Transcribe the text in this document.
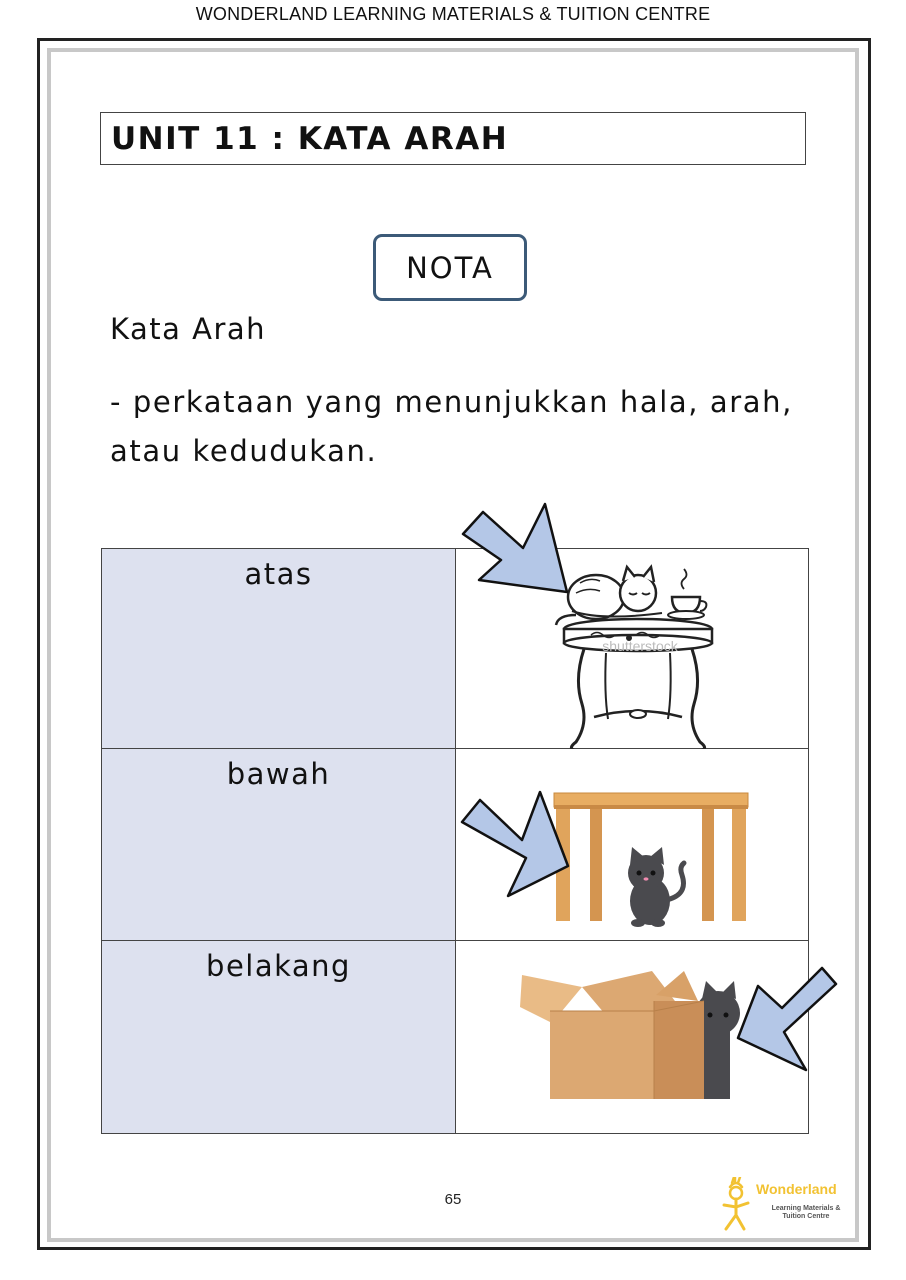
WONDERLAND LEARNING MATERIALS & TUITION CENTRE
UNIT 11 : KATA ARAH
NOTA
Kata Arah
- perkataan yang menunjukkan hala, arah,
atau kedudukan.
atas
shutterstock
bawah
belakang
65
Wonderland
Learning Materials &
Tuition Centre
